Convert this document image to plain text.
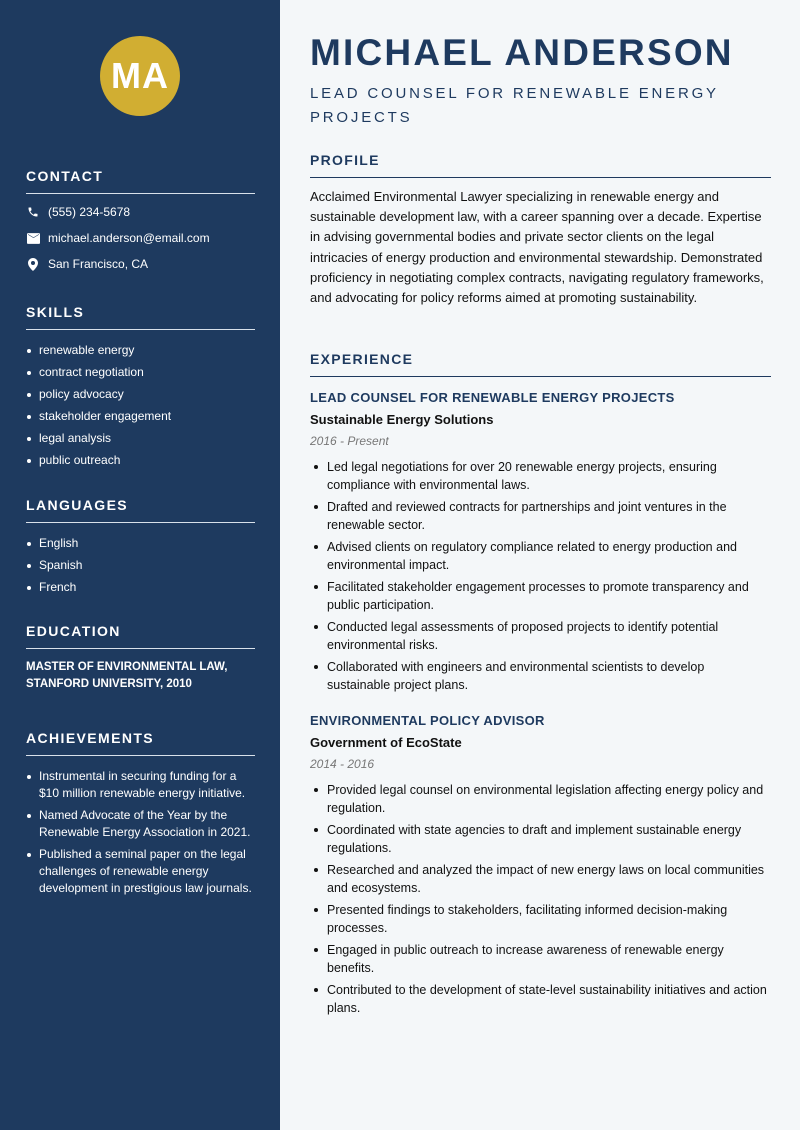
MA
CONTACT
(555) 234-5678
michael.anderson@email.com
San Francisco, CA
SKILLS
renewable energy
contract negotiation
policy advocacy
stakeholder engagement
legal analysis
public outreach
LANGUAGES
English
Spanish
French
EDUCATION
MASTER OF ENVIRONMENTAL LAW, STANFORD UNIVERSITY, 2010
ACHIEVEMENTS
Instrumental in securing funding for a $10 million renewable energy initiative.
Named Advocate of the Year by the Renewable Energy Association in 2021.
Published a seminal paper on the legal challenges of renewable energy development in prestigious law journals.
MICHAEL ANDERSON
LEAD COUNSEL FOR RENEWABLE ENERGY PROJECTS
PROFILE
Acclaimed Environmental Lawyer specializing in renewable energy and sustainable development law, with a career spanning over a decade. Expertise in advising governmental bodies and private sector clients on the legal intricacies of energy production and environmental stewardship. Demonstrated proficiency in negotiating complex contracts, navigating regulatory frameworks, and advocating for policy reforms aimed at promoting sustainability.
EXPERIENCE
LEAD COUNSEL FOR RENEWABLE ENERGY PROJECTS
Sustainable Energy Solutions
2016 - Present
Led legal negotiations for over 20 renewable energy projects, ensuring compliance with environmental laws.
Drafted and reviewed contracts for partnerships and joint ventures in the renewable sector.
Advised clients on regulatory compliance related to energy production and environmental impact.
Facilitated stakeholder engagement processes to promote transparency and public participation.
Conducted legal assessments of proposed projects to identify potential environmental risks.
Collaborated with engineers and environmental scientists to develop sustainable project plans.
ENVIRONMENTAL POLICY ADVISOR
Government of EcoState
2014 - 2016
Provided legal counsel on environmental legislation affecting energy policy and regulation.
Coordinated with state agencies to draft and implement sustainable energy regulations.
Researched and analyzed the impact of new energy laws on local communities and ecosystems.
Presented findings to stakeholders, facilitating informed decision-making processes.
Engaged in public outreach to increase awareness of renewable energy benefits.
Contributed to the development of state-level sustainability initiatives and action plans.
